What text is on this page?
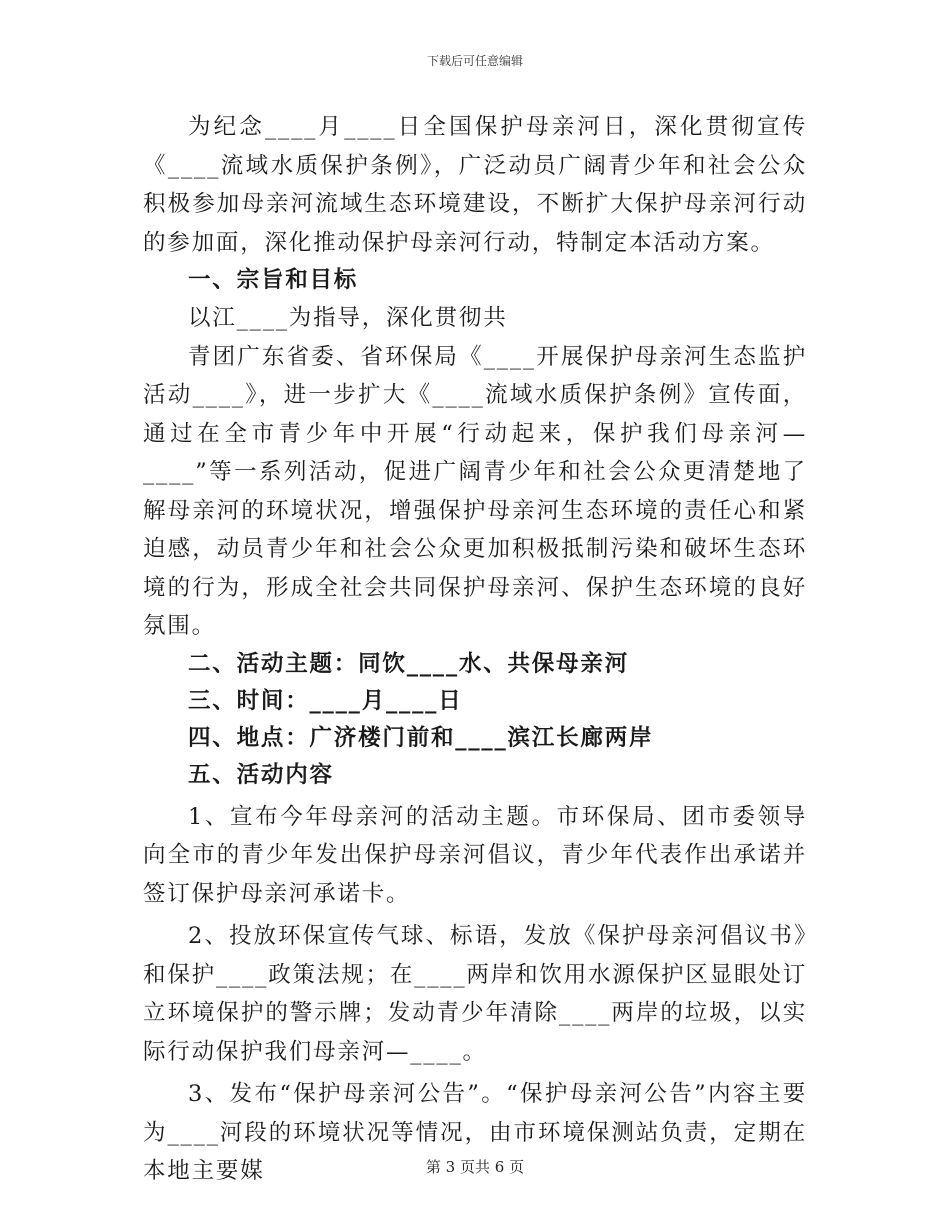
下载后可任意编辑

为纪念____月____日全国保护母亲河日，深化贯彻宣传《____流域水质保护条例》，广泛动员广阔青少年和社会公众积极参加母亲河流域生态环境建设，不断扩大保护母亲河行动的参加面，深化推动保护母亲河行动，特制定本活动方案。

一、宗旨和目标

以江____为指导，深化贯彻共

青团广东省委、省环保局《____开展保护母亲河生态监护活动____》，进一步扩大《____流域水质保护条例》宣传面，通过在全市青少年中开展“行动起来，保护我们母亲河—____”等一系列活动，促进广阔青少年和社会公众更清楚地了解母亲河的环境状况，增强保护母亲河生态环境的责任心和紧迫感，动员青少年和社会公众更加积极抵制污染和破坏生态环境的行为，形成全社会共同保护母亲河、保护生态环境的良好氛围。

二、活动主题：同饮____水、共保母亲河

三、时间：____月____日

四、地点：广济楼门前和____滨江长廊两岸

五、活动内容

1、宣布今年母亲河的活动主题。市环保局、团市委领导向全市的青少年发出保护母亲河倡议，青少年代表作出承诺并签订保护母亲河承诺卡。

2、投放环保宣传气球、标语，发放《保护母亲河倡议书》和保护____政策法规；在____两岸和饮用水源保护区显眼处订立环境保护的警示牌；发动青少年清除____两岸的垃圾，以实际行动保护我们母亲河—____。

3、发布“保护母亲河公告”。“保护母亲河公告”内容主要为____河段的环境状况等情况，由市环境保测站负责，定期在本地主要媒	第 3 页共 6 页
